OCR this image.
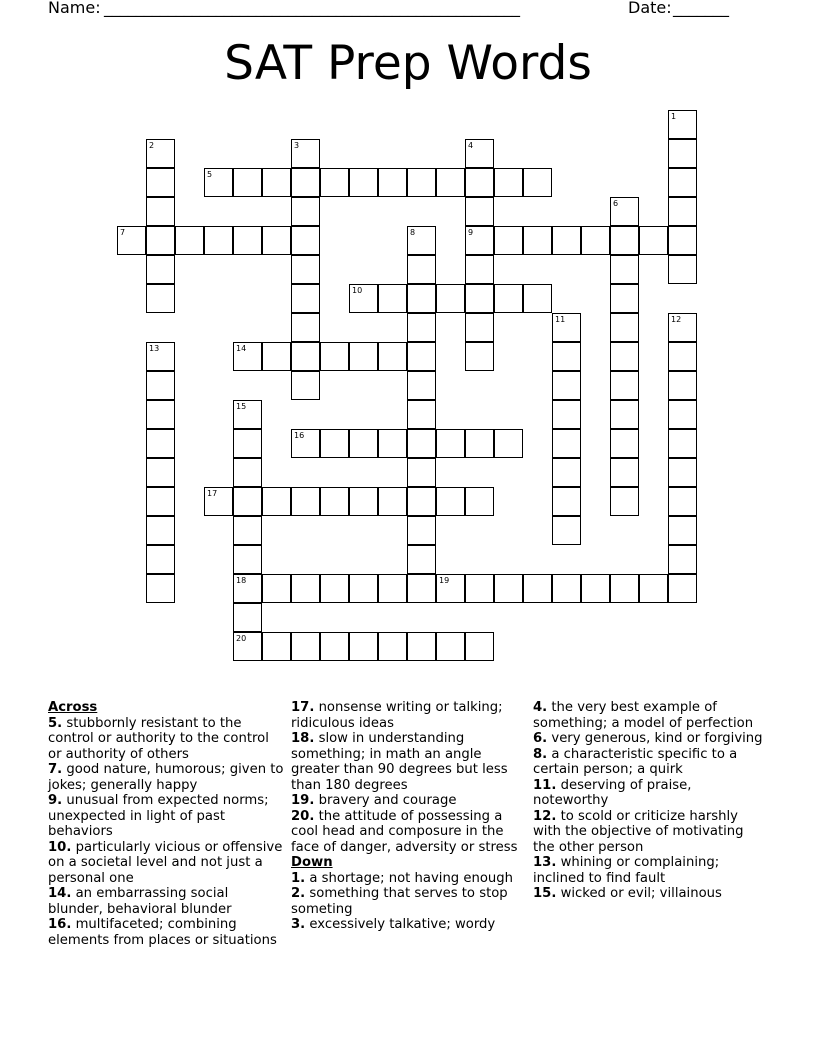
Name: ____________________________________________________	Date: _______
SAT Prep Words
1
2	3	4
9
5
6
7	8
10
11	12
13	14
15
18
20
16
17
19

Across

5. stubbornly resistant to the control or authority to the control or authority of others

7. good nature, humorous; given to jokes; generally happy

9. unusual from expected norms; unexpected in light of past behaviors

10. particularly vicious or offensive on a societal level and not just a personal one

14. an embarrassing social blunder, behavioral blunder

16. multifaceted; combining elements from places or situations

17. nonsense writing or talking; ridiculous ideas

18. slow in understanding something; in math an angle greater than 90 degrees but less than 180 degrees

19. bravery and courage

20. the attitude of possessing a cool head and composure in the face of danger, adversity or stress

Down

1. a shortage; not having enough

2. something that serves to stop someting

3. excessively talkative; wordy

4. the very best example of something; a model of perfection

6. very generous, kind or forgiving

8. a characteristic specific to a certain person; a quirk

11. deserving of praise, noteworthy

12. to scold or criticize harshly with the objective of motivating the other person

13. whining or complaining; inclined to find fault

15. wicked or evil; villainous
